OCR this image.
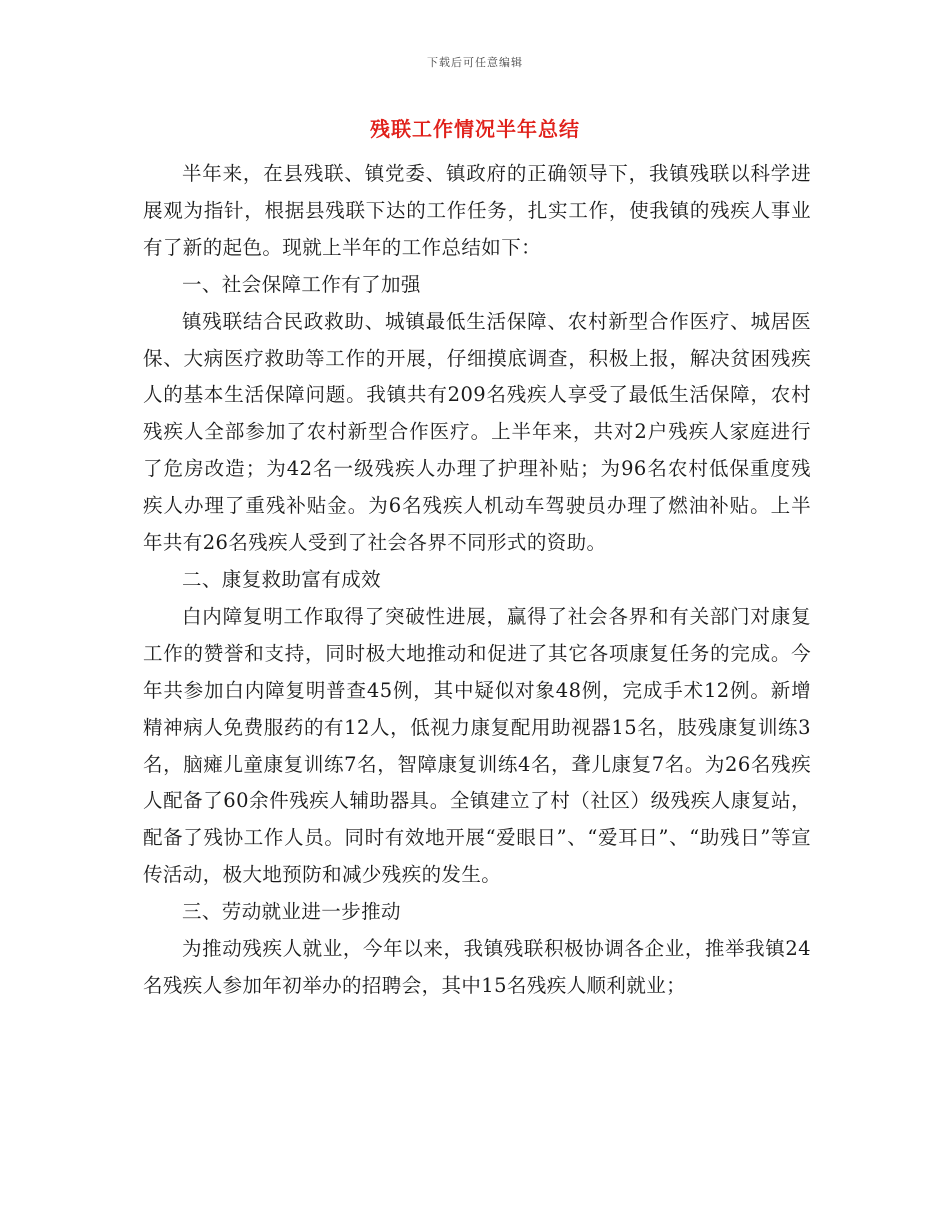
下载后可任意编辑
残联工作情况半年总结

半年来，在县残联、镇党委、镇政府的正确领导下，我镇残联以科学进展观为指针，根据县残联下达的工作任务，扎实工作，使我镇的残疾人事业有了新的起色。现就上半年的工作总结如下：

一、社会保障工作有了加强

镇残联结合民政救助、城镇最低生活保障、农村新型合作医疗、城居医保、大病医疗救助等工作的开展，仔细摸底调查，积极上报，解决贫困残疾人的基本生活保障问题。我镇共有209名残疾人享受了最低生活保障，农村残疾人全部参加了农村新型合作医疗。上半年来，共对2户残疾人家庭进行了危房改造；为42名一级残疾人办理了护理补贴；为96名农村低保重度残疾人办理了重残补贴金。为6名残疾人机动车驾驶员办理了燃油补贴。上半年共有26名残疾人受到了社会各界不同形式的资助。

二、康复救助富有成效

白内障复明工作取得了突破性进展，赢得了社会各界和有关部门对康复工作的赞誉和支持，同时极大地推动和促进了其它各项康复任务的完成。今年共参加白内障复明普查45例，其中疑似对象48例，完成手术12例。新增精神病人免费服药的有12人，低视力康复配用助视器15名，肢残康复训练3名，脑瘫儿童康复训练7名，智障康复训练4名，聋儿康复7名。为26名残疾人配备了60余件残疾人辅助器具。全镇建立了村（社区）级残疾人康复站，配备了残协工作人员。同时有效地开展“爱眼日”、“爱耳日”、“助残日”等宣传活动，极大地预防和减少残疾的发生。

三、劳动就业进一步推动

为推动残疾人就业，今年以来，我镇残联积极协调各企业，推举我镇24名残疾人参加年初举办的招聘会，其中15名残疾人顺利就业；
